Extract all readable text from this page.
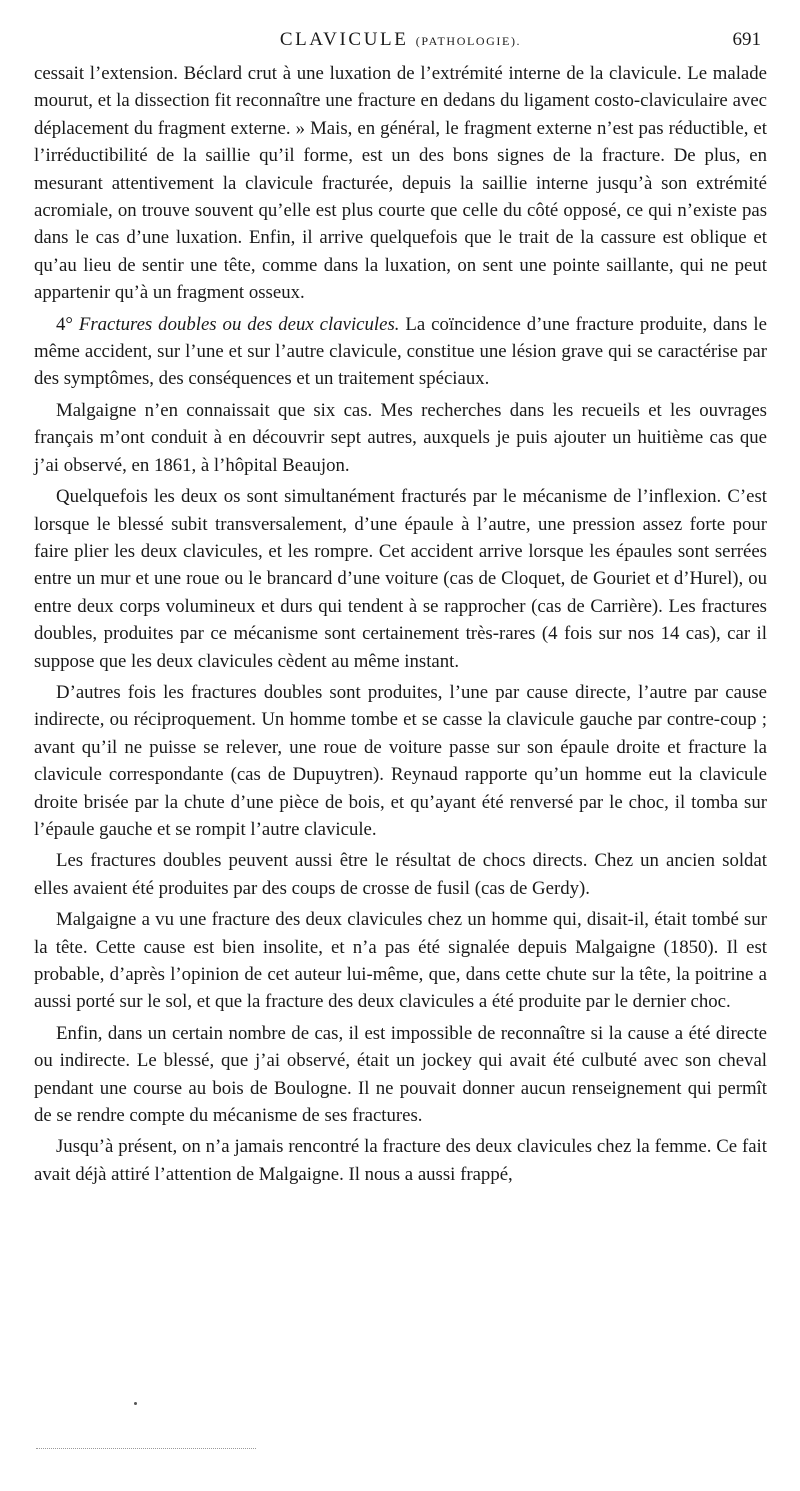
CLAVICULE (PATHOLOGIE).	691

cessait l’extension. Béclard crut à une luxation de l’extrémité interne de la clavicule. Le malade mourut, et la dissection fit reconnaître une fracture en dedans du ligament costo-claviculaire avec déplacement du fragment externe. » Mais, en général, le fragment externe n’est pas réductible, et l’irréductibilité de la saillie qu’il forme, est un des bons signes de la fracture. De plus, en mesurant attentivement la clavicule fracturée, depuis la saillie interne jusqu’à son extrémité acromiale, on trouve souvent qu’elle est plus courte que celle du côté opposé, ce qui n’existe pas dans le cas d’une luxation. Enfin, il arrive quelquefois que le trait de la cassure est oblique et qu’au lieu de sentir une tête, comme dans la luxation, on sent une pointe saillante, qui ne peut appartenir qu’à un fragment osseux.

4° Fractures doubles ou des deux clavicules. La coïncidence d’une fracture produite, dans le même accident, sur l’une et sur l’autre clavicule, constitue une lésion grave qui se caractérise par des symptômes, des conséquences et un traitement spéciaux.

Malgaigne n’en connaissait que six cas. Mes recherches dans les recueils et les ouvrages français m’ont conduit à en découvrir sept autres, auxquels je puis ajouter un huitième cas que j’ai observé, en 1861, à l’hôpital Beaujon.

Quelquefois les deux os sont simultanément fracturés par le mécanisme de l’inflexion. C’est lorsque le blessé subit transversalement, d’une épaule à l’autre, une pression assez forte pour faire plier les deux clavicules, et les rompre. Cet accident arrive lorsque les épaules sont serrées entre un mur et une roue ou le brancard d’une voiture (cas de Cloquet, de Gouriet et d’Hurel), ou entre deux corps volumineux et durs qui tendent à se rapprocher (cas de Carrière). Les fractures doubles, produites par ce mécanisme sont certainement très-rares (4 fois sur nos 14 cas), car il suppose que les deux clavicules cèdent au même instant.

D’autres fois les fractures doubles sont produites, l’une par cause directe, l’autre par cause indirecte, ou réciproquement. Un homme tombe et se casse la clavicule gauche par contre-coup ; avant qu’il ne puisse se relever, une roue de voiture passe sur son épaule droite et fracture la clavicule correspondante (cas de Dupuytren). Reynaud rapporte qu’un homme eut la clavicule droite brisée par la chute d’une pièce de bois, et qu’ayant été renversé par le choc, il tomba sur l’épaule gauche et se rompit l’autre clavicule.

Les fractures doubles peuvent aussi être le résultat de chocs directs. Chez un ancien soldat elles avaient été produites par des coups de crosse de fusil (cas de Gerdy).

Malgaigne a vu une fracture des deux clavicules chez un homme qui, disait-il, était tombé sur la tête. Cette cause est bien insolite, et n’a pas été signalée depuis Malgaigne (1850). Il est probable, d’après l’opinion de cet auteur lui-même, que, dans cette chute sur la tête, la poitrine a aussi porté sur le sol, et que la fracture des deux clavicules a été produite par le dernier choc.

Enfin, dans un certain nombre de cas, il est impossible de reconnaître si la cause a été directe ou indirecte. Le blessé, que j’ai observé, était un jockey qui avait été culbuté avec son cheval pendant une course au bois de Boulogne. Il ne pouvait donner aucun renseignement qui permît de se rendre compte du mécanisme de ses fractures.

Jusqu’à présent, on n’a jamais rencontré la fracture des deux clavicules chez la femme. Ce fait avait déjà attiré l’attention de Malgaigne. Il nous a aussi frappé,
